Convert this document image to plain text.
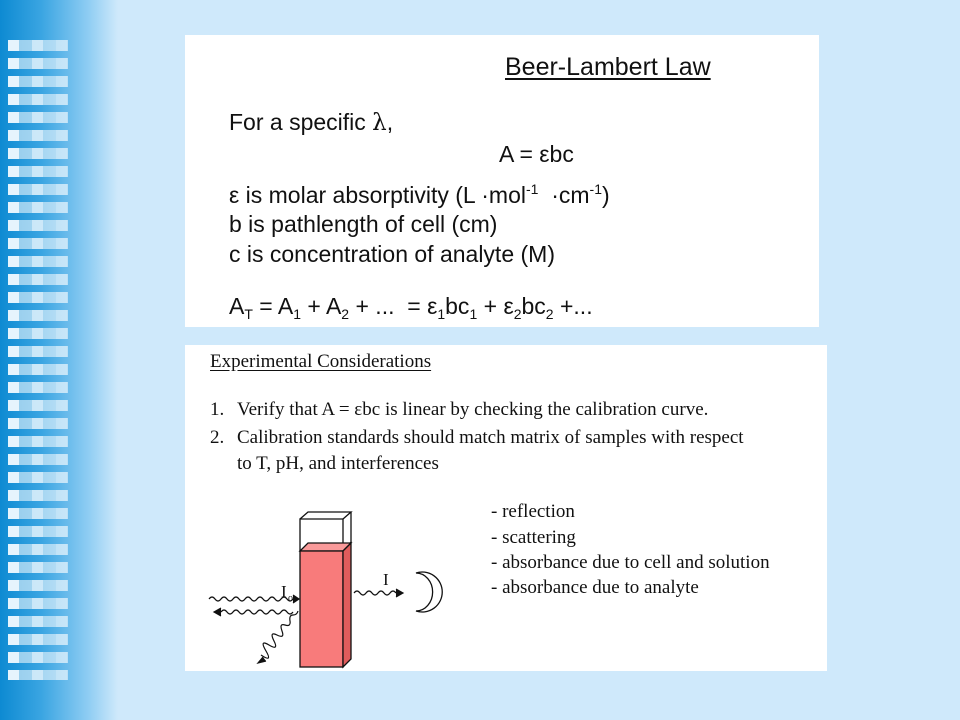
Beer-Lambert Law
For a specific λ,
A = εbc
ε is molar absorptivity $(L \cdot mol^{-1} \cdot cm^{-1})$
b is pathlength of cell (cm)
c is concentration of analyte (M)
$A_T = A_1 + A_2$ + ...  = $\varepsilon_1bc_1 + \varepsilon_2bc_2$ +...
Experimental Considerations
1. Verify that A = εbc is linear by checking the calibration curve.
2. Calibration standards should match matrix of samples with respect
to T, pH, and interferences
- reflection
- scattering
- absorbance due to cell and solution
- absorbance due to analyte
I o
I
